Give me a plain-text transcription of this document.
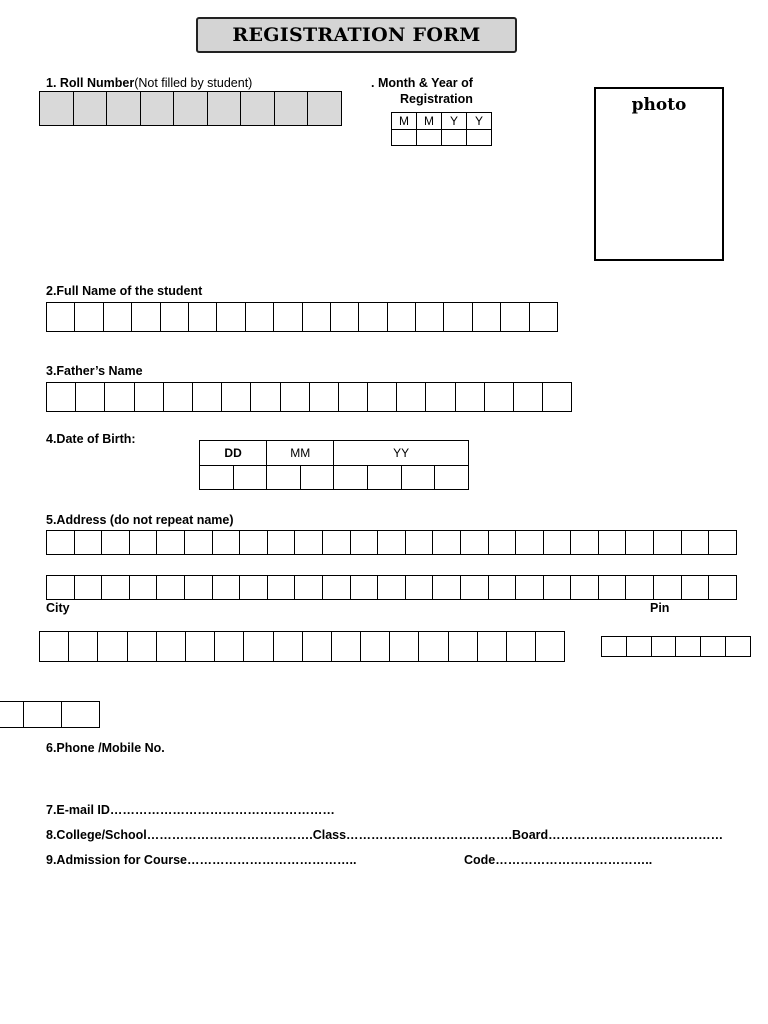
REGISTRATION FORM
1. Roll Number(Not filled by student)	. Month & Year of
Registration
M	M	Y	Y
photo
2.Full Name of the student
3.Father’s Name
4.Date of Birth:
DD	MM	YY
5.Address (do not repeat name)
City	Pin
6.Phone /Mobile No.
7.E-mail ID………………………………………………
8.College/School………………………………….Class………………………………….Board……………………………………
9.Admission for Course…………………………………..	Code………………………………..
